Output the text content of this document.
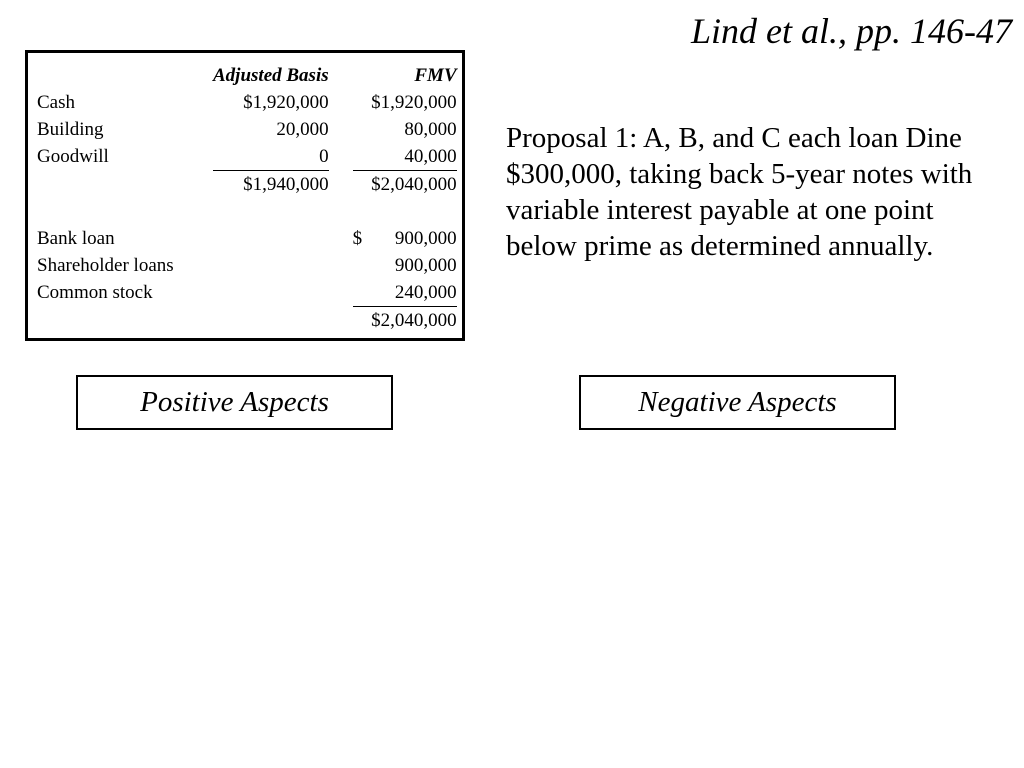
Lind et al., pp. 146-47
	Adjusted Basis		FMV
Cash	$1,920,000		$1,920,000
Building	20,000		80,000
Goodwill	0		40,000
	$1,940,000		$2,040,000

Bank loan			$ 900,000

Shareholder loans			900,000
Common stock			240,000
			$2,040,000
Proposal 1: A, B, and C each loan Dine $300,000, taking back 5-year notes with variable interest payable at one point below prime as determined annually.
Positive Aspects	Negative Aspects
